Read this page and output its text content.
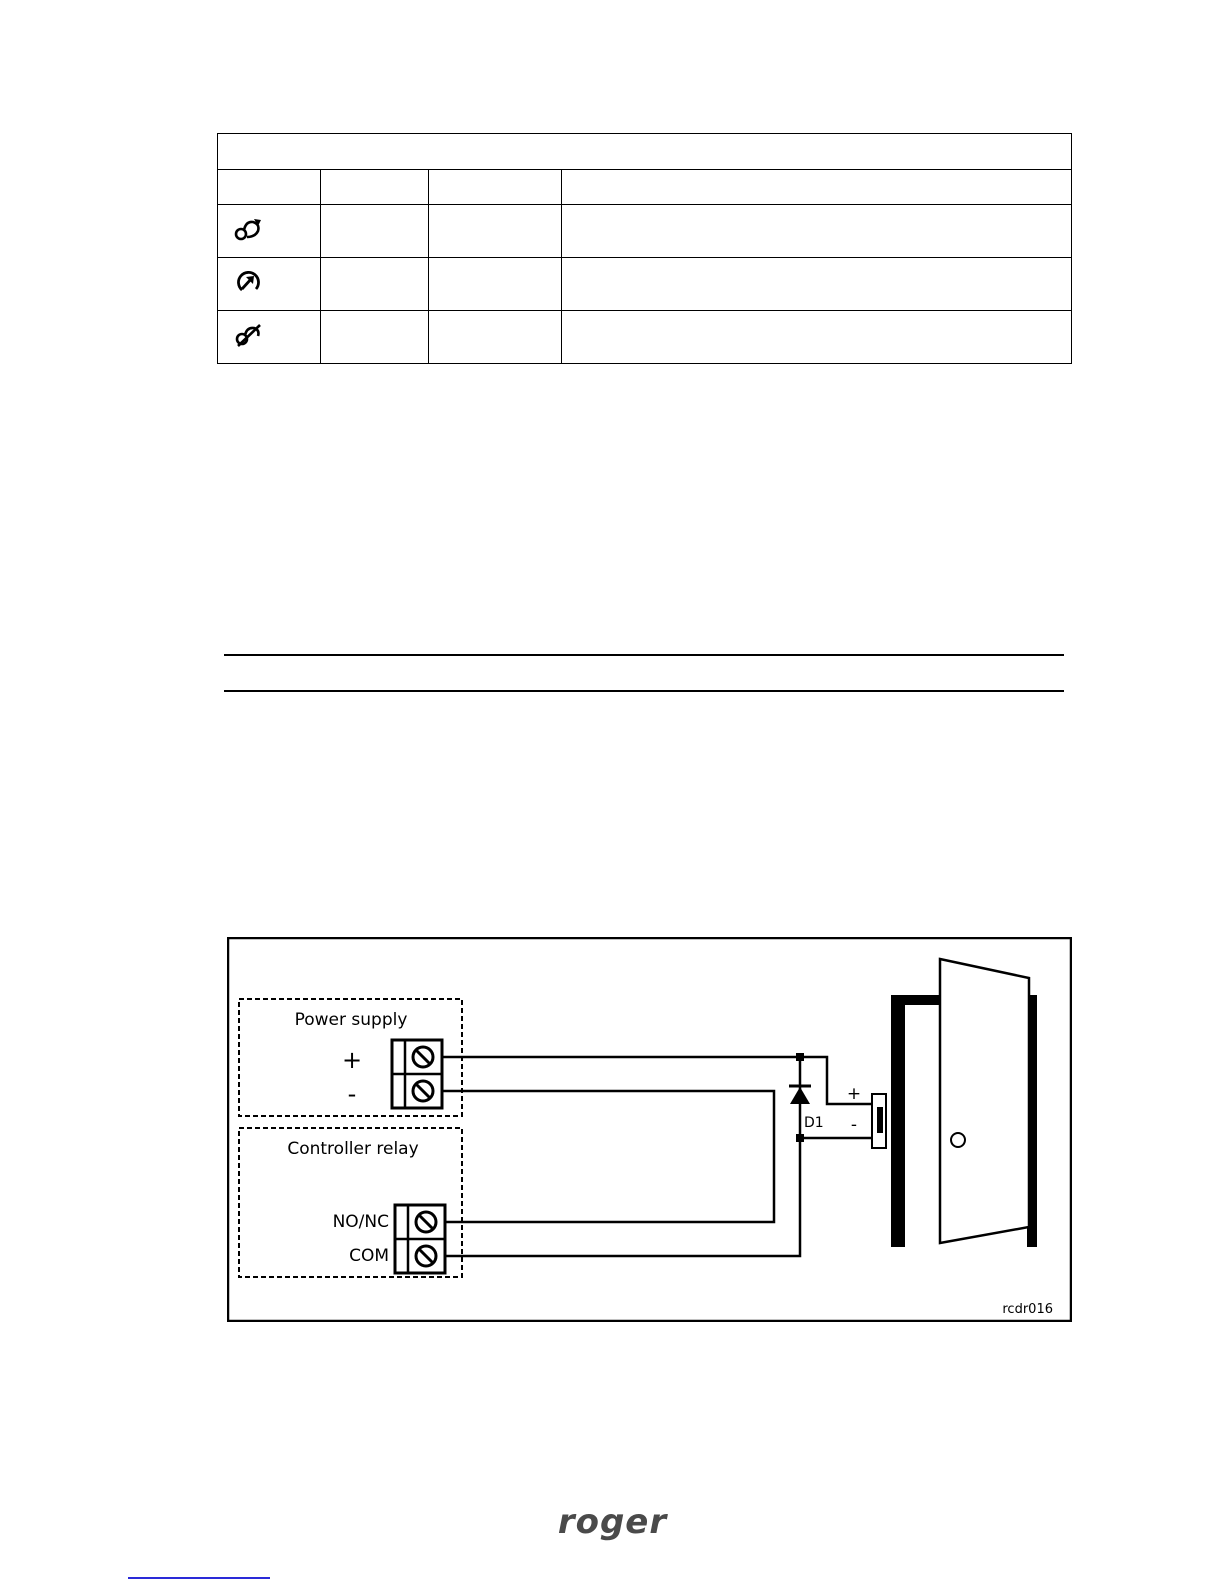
Power supply
+
-
Controller relay
NO/NC
COM
D1
+
-
rcdr016
roger
